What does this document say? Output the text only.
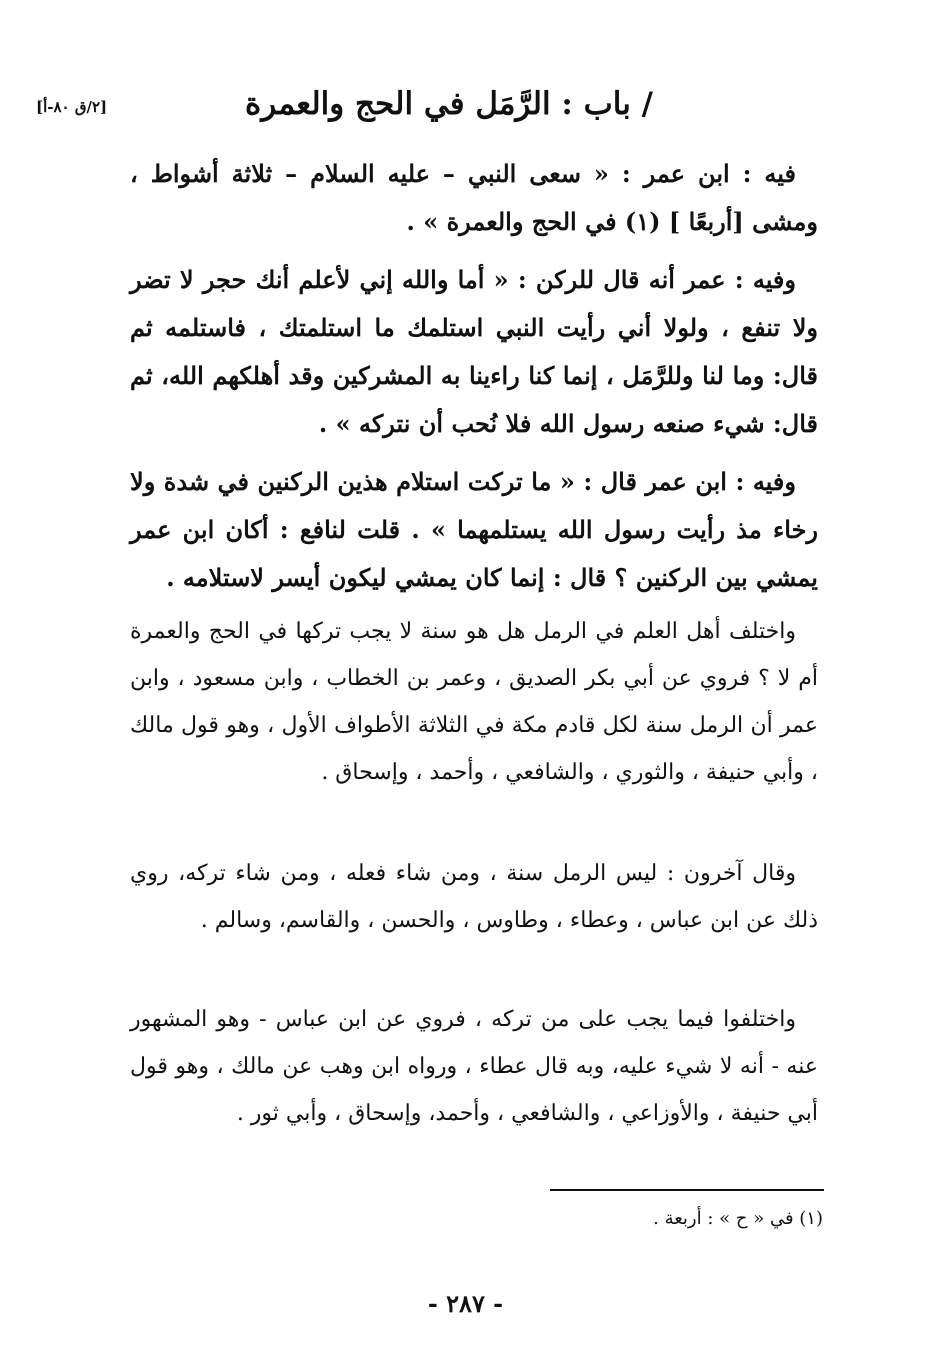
[٢/ق ٨٠-أ]	/ باب : الرَّمَل في الحج والعمرة

فيه : ابن عمر : « سعى النبي – عليه السلام – ثلاثة أشواط ، ومشى [أربعًا ] (١) في الحج والعمرة » .

وفيه : عمر أنه قال للركن : « أما والله إني لأعلم أنك حجر لا تضر ولا تنفع ، ولولا أني رأيت النبي استلمك ما استلمتك ، فاستلمه ثم قال: وما لنا وللرَّمَل ، إنما كنا راءينا به المشركين وقد أهلكهم الله، ثم قال: شيء صنعه رسول الله فلا نُحب أن نتركه » .

وفيه : ابن عمر قال : « ما تركت استلام هذين الركنين في شدة ولا رخاء مذ رأيت رسول الله يستلمهما » . قلت لنافع : أكان ابن عمر يمشي بين الركنين ؟ قال : إنما كان يمشي ليكون أيسر لاستلامه .

واختلف أهل العلم في الرمل هل هو سنة لا يجب تركها في الحج والعمرة أم لا ؟ فروي عن أبي بكر الصديق ، وعمر بن الخطاب ، وابن مسعود ، وابن عمر أن الرمل سنة لكل قادم مكة في الثلاثة الأطواف الأول ، وهو قول مالك ، وأبي حنيفة ، والثوري ، والشافعي ، وأحمد ، وإسحاق .

وقال آخرون : ليس الرمل سنة ، ومن شاء فعله ، ومن شاء تركه، روي ذلك عن ابن عباس ، وعطاء ، وطاوس ، والحسن ، والقاسم، وسالم .

واختلفوا فيما يجب على من تركه ، فروي عن ابن عباس - وهو المشهور عنه - أنه لا شيء عليه، وبه قال عطاء ، ورواه ابن وهب عن مالك ، وهو قول أبي حنيفة ، والأوزاعي ، والشافعي ، وأحمد، وإسحاق ، وأبي ثور .

(١) في « ح » : أربعة .
- ٢٨٧ -
